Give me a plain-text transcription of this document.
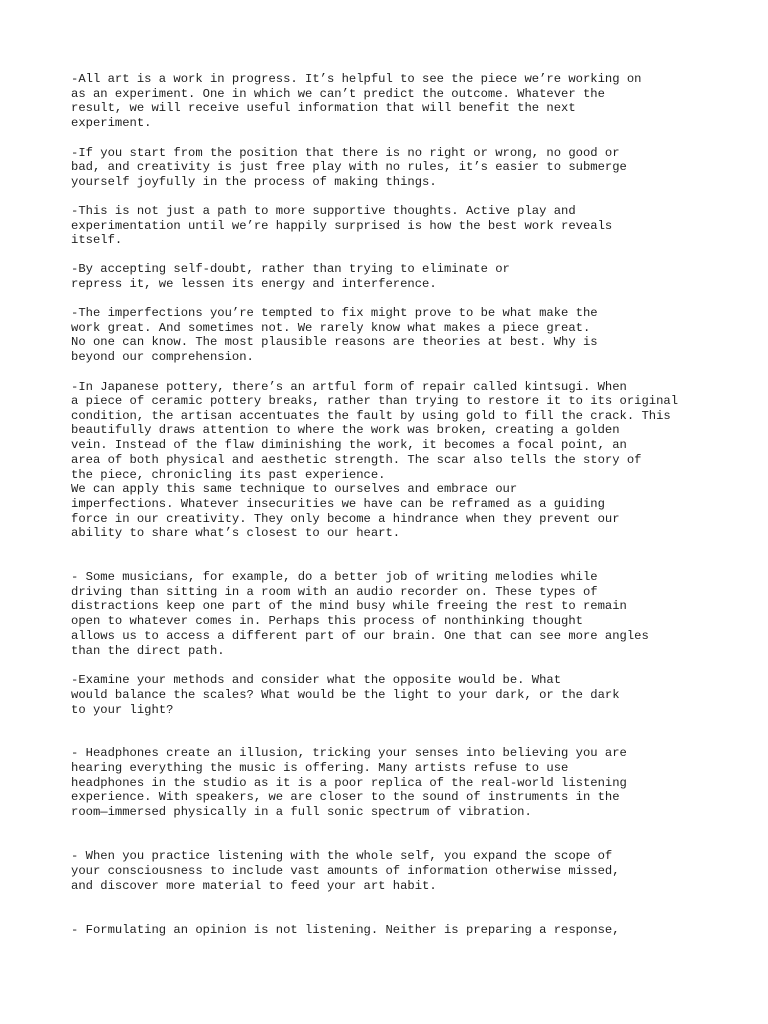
-All art is a work in progress. It’s helpful to see the piece we’re working on

as an experiment. One in which we can’t predict the outcome. Whatever the

result, we will receive useful information that will benefit the next

experiment.

-If you start from the position that there is no right or wrong, no good or

bad, and creativity is just free play with no rules, it’s easier to submerge

yourself joyfully in the process of making things.

-This is not just a path to more supportive thoughts. Active play and

experimentation until we’re happily surprised is how the best work reveals

itself.

-By accepting self-doubt, rather than trying to eliminate or

repress it, we lessen its energy and interference.

-The imperfections you’re tempted to fix might prove to be what make the

work great. And sometimes not. We rarely know what makes a piece great.

No one can know. The most plausible reasons are theories at best. Why is

beyond our comprehension.

-In Japanese pottery, there’s an artful form of repair called kintsugi. When

a piece of ceramic pottery breaks, rather than trying to restore it to its original

condition, the artisan accentuates the fault by using gold to fill the crack. This

beautifully draws attention to where the work was broken, creating a golden

vein. Instead of the flaw diminishing the work, it becomes a focal point, an

area of both physical and aesthetic strength. The scar also tells the story of

the piece, chronicling its past experience.

We can apply this same technique to ourselves and embrace our

imperfections. Whatever insecurities we have can be reframed as a guiding

force in our creativity. They only become a hindrance when they prevent our

ability to share what’s closest to our heart.

- Some musicians, for example, do a better job of writing melodies while

driving than sitting in a room with an audio recorder on. These types of

distractions keep one part of the mind busy while freeing the rest to remain

open to whatever comes in. Perhaps this process of nonthinking thought

allows us to access a different part of our brain. One that can see more angles

than the direct path.

-Examine your methods and consider what the opposite would be. What

would balance the scales? What would be the light to your dark, or the dark

to your light?

- Headphones create an illusion, tricking your senses into believing you are

hearing everything the music is offering. Many artists refuse to use

headphones in the studio as it is a poor replica of the real-world listening

experience. With speakers, we are closer to the sound of instruments in the

room—immersed physically in a full sonic spectrum of vibration.

- When you practice listening with the whole self, you expand the scope of

your consciousness to include vast amounts of information otherwise missed,

and discover more material to feed your art habit.

- Formulating an opinion is not listening. Neither is preparing a response,
